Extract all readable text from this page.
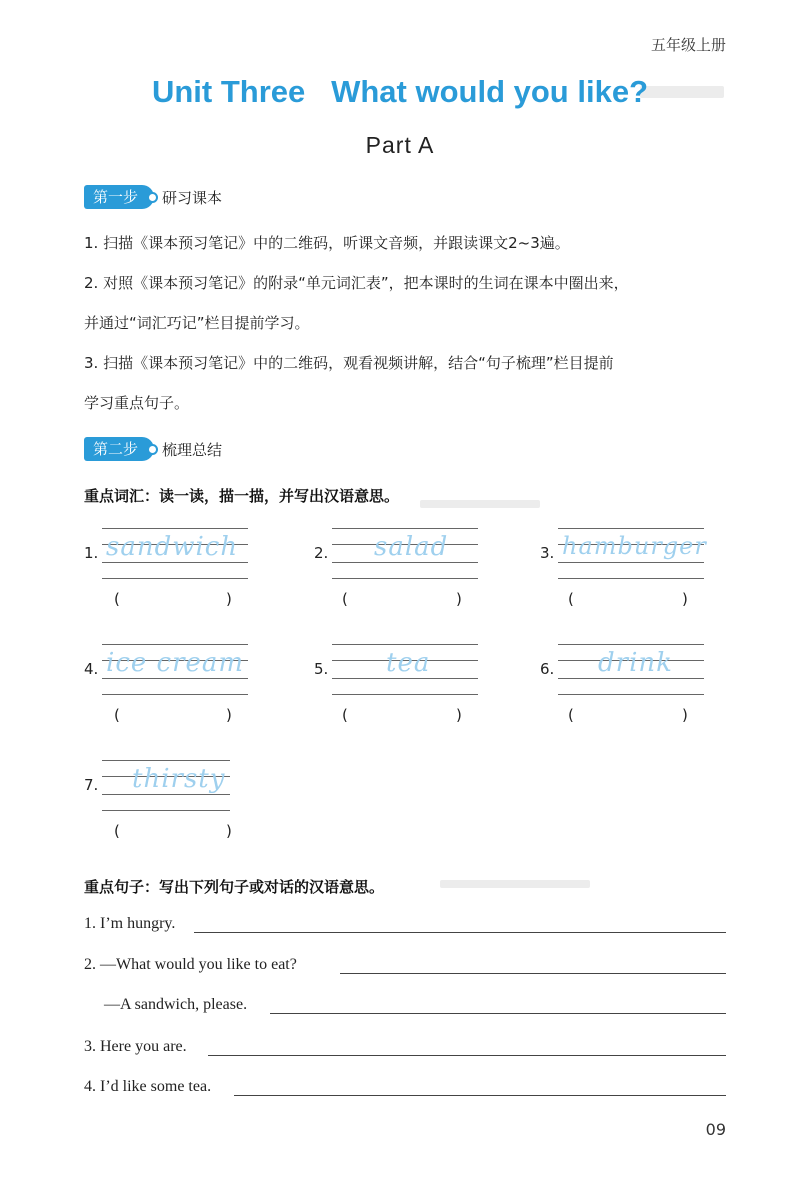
五年级上册
Unit Three   What would you like?
Part A
第一步	研习课本
1. 扫描《课本预习笔记》中的二维码，听课文音频，并跟读课文2~3遍。
2. 对照《课本预习笔记》的附录“单元词汇表”，把本课时的生词在课本中圈出来，
并通过“词汇巧记”栏目提前学习。
3. 扫描《课本预习笔记》中的二维码，观看视频讲解，结合“句子梳理”栏目提前
学习重点句子。
第二步	梳理总结
重点词汇：读一读，描一描，并写出汉语意思。
1. sandwich
(	)
2. salad
(	)
3. hamburger
(	)
4. ice cream
(	)
5. tea
(	)
6. drink
(	)
7. thirsty
(	)
重点句子：写出下列句子或对话的汉语意思。
1. I’m hungry.
2. —What would you like to eat?
—A sandwich, please.
3. Here you are.
4. I’d like some tea.
09
